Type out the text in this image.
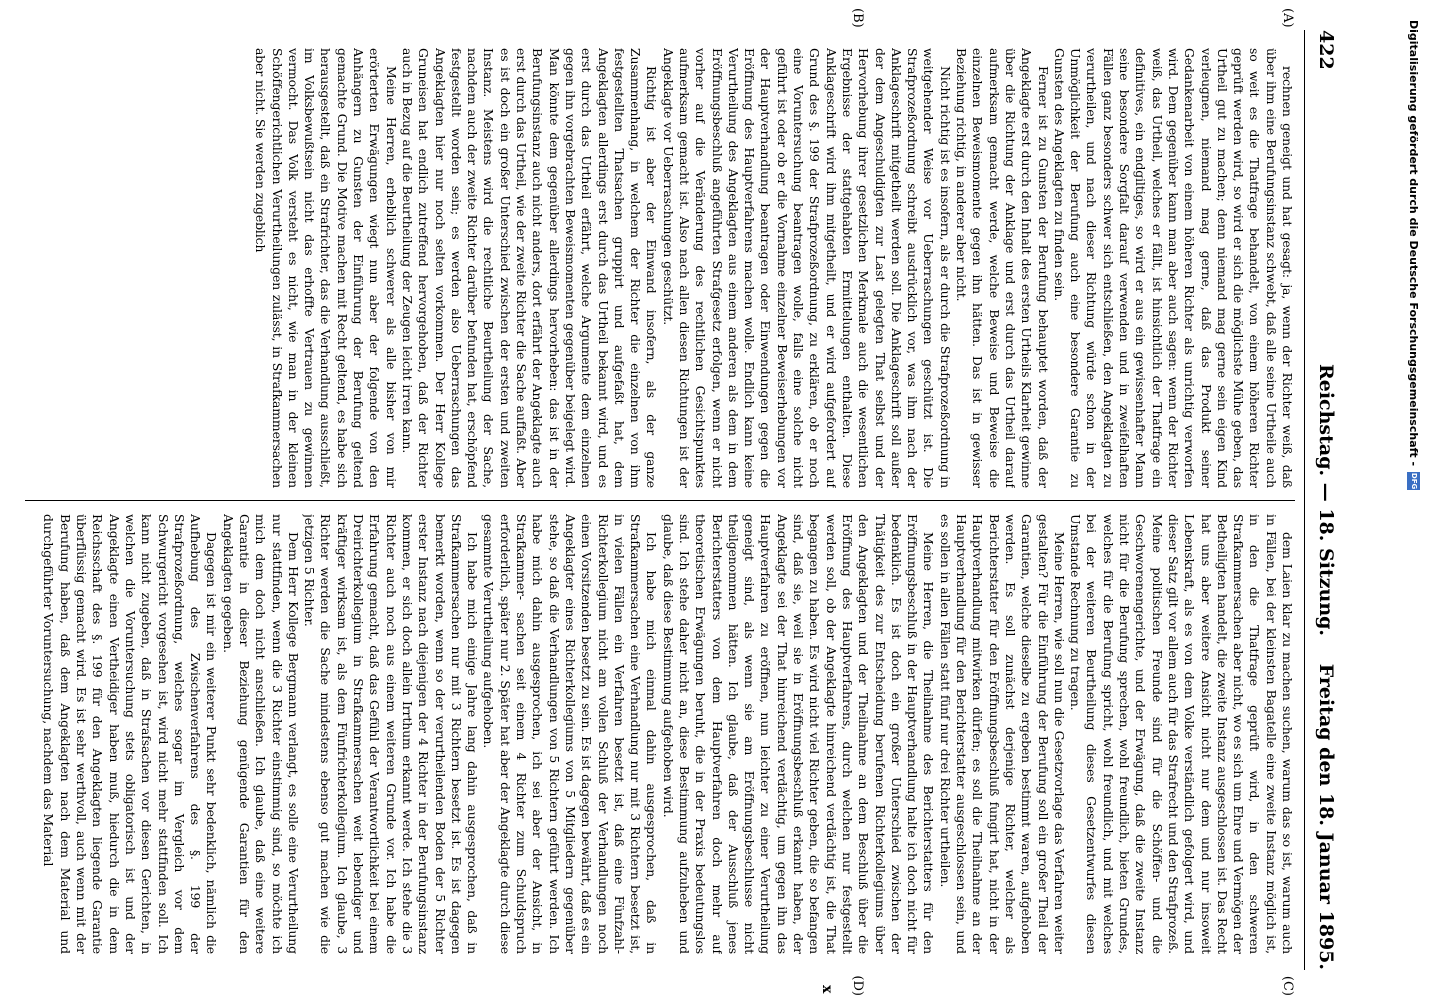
422
Reichstag. — 18. Sitzung.
Freitag den 18. Januar 1895.
(A)
(B)
(C)
(D)

rechnen geneigt und hat gesagt: ja, wenn der Richter weiß, daß über ihm eine Berufungsinstanz schwebt, daß alle seine Urtheile auch so weit es die Thatfrage behandelt, von einem höheren Richter geprüft werden wird, so wird er sich die möglichste Mühe geben, das Urtheil gut zu machen; denn niemand mag gerne sein eigen Kind verleugnen, niemand mag gerne, daß das Produkt seiner Gedankenarbeit von einem höheren Richter als unrichtig verworfen wird. Dem gegenüber kann man aber auch sagen: wenn der Richter weiß, das Urtheil, welches er fällt, ist hinsichtlich der Thatfrage ein definitives, ein endgiltiges, so wird er aus ein gewissenhafter Mann seine besondere Sorgfalt darauf verwenden und in zweifelhaften Fällen ganz besonders schwer sich entschließen, den Angeklagten zu verurtheilen, und nach dieser Richtung würde schon in der Unmöglichkeit der Berufung auch eine besondere Garantie zu Gunsten des Angeklagten zu finden sein.

Ferner ist zu Gunsten der Berufung behauptet worden, daß der Angeklagte erst durch den Inhalt des ersten Urtheils Klarheit gewinne über die Richtung der Anklage und erst durch das Urtheil darauf aufmerksam gemacht werde, welche Beweise und Beweise die einzelnen Beweismomente gegen ihn hätten. Das ist in gewisser Beziehung richtig, in anderer aber nicht.

Nicht richtig ist es insofern, als er durch die Strafprozeßordnung in weitgehender Weise vor Ueberraschungen geschützt ist. Die Strafprozeßordnung schreibt ausdrücklich vor, was ihm nach der Anklageschrift mitgetheilt werden soll. Die Anklageschrift soll außer der dem Angeschuldigten zur Last gelegten That selbst und der Hervorhebung ihrer gesetzlichen Merkmale auch die wesentlichen Ergebnisse der stattgehabten Ermittelungen enthalten. Diese Anklageschrift wird ihm mitgetheilt, und er wird aufgefordert auf Grund des §. 199 der Strafprozeßordnung, zu erklären, ob er noch eine Voruntersuchung beantragen wolle, falls eine solche nicht geführt ist oder ob er die Vornahme einzelner Beweiserhebungen vor der Hauptverhandlung beantragen oder Einwendungen gegen die Eröffnung des Hauptverfahrens machen wolle. Endlich kann keine Verurtheilung des Angeklagten aus einem anderen als dem in dem Eröffnungsbeschluß angeführten Strafgesetz erfolgen, wenn er nicht vorher auf die Veränderung des rechtlichen Gesichtspunktes aufmerksam gemacht ist. Also nach allen diesen Richtungen ist der Angeklagte vor Ueberraschungen geschützt.

Richtig ist aber der Einwand insofern, als der ganze Zusammenhang, in welchem der Richter die einzelnen von ihm festgestellten Thatsachen gruppirt und aufgefaßt hat, dem Angeklagten allerdings erst durch das Urtheil bekannt wird, und es erst durch das Urtheil erfährt, welche Argumente dem einzelnen gegen ihn vorgebrachten Beweismomenten gegenüber beigelegt wird. Man könnte dem gegenüber allerdings hervorheben: das ist in der Berufungsinstanz auch nicht anders, dort erfährt der Angeklagte auch erst durch das Urtheil, wie der zweite Richter die Sache auffaßt. Aber es ist doch ein großer Unterschied zwischen der ersten und zweiten Instanz. Meistens wird die rechtliche Beurtheilung der Sache, nachdem auch der zweite Richter darüber befunden hat, erschöpfend festgestellt worden sein; es werden also Ueberraschungen das Angeklagten hier nur noch selten vorkommen. Der Herr Kollege Gruneisen hat endlich zutreffend hervorgehoben, daß der Richter auch in Bezug auf die Beurtheilung der Zeugen leicht irren kann.

Meine Herren, erheblich schwerer als alle bisher von mir erörterten Erwägungen wiegt nun aber der folgende von den Anhängern zu Gunsten der Einführung der Berufung geltend gemachte Grund. Die Motive machen mit Recht geltend, es habe sich herausgestellt, daß ein Strafrichter, das die Verhandlung ausschließt, im Volksbewußtsein nicht das erhoffte Vertrauen zu gewinnen vermocht. Das Volk versteht es nicht, wie man in der kleinen Schöffengerichtlichen Verurtheilungen zulässt, in Strafkammersachen aber nicht. Sie werden zugeblich

dem Laien klar zu machen suchen, warum das so ist, warum auch in Fällen, bei der kleinsten Bagatelle eine zweite Instanz möglich ist, in den die Thatfrage geprüft wird, in den schweren Strafkammersachen aber nicht, wo es sich um Ehre und Vermögen der Betheiligten handelt, die zweite Instanz ausgeschlossen ist. Das Recht hat uns aber weitere Ansicht nicht nur dem und nur insoweit Lebenskraft, als es von dem Volke verständlich gefolgert wird, und dieser Satz gilt vor allem auch für das Strafrecht und den Strafprozeß. Meine politischen Freunde sind für die Schöffen- und die Geschworenengerichte, und der Erwägung, daß die zweite Instanz nicht für die Berufung sprechen, wohl freundlich, bieten Grundes, welches für die Berufung spricht, wohl freundlich, und mit welches bei der weiteren Beurtheilung dieses Gesetzentwurfes diesen Umstande Rechnung zu tragen.

Meine Herren, wie soll nun die Gesetzvorlage das Verfahren weiter gestalten? Für die Einführung der Berufung soll ein großer Theil der Garantien, welche dieselbe zu ergeben bestimmt waren, aufgehoben werden. Es soll zunächst derjenige Richter, welcher als Berichterstatter für den Eröffnungsbeschluß fungirt hat, nicht in der Hauptverhandlung mitwirken dürfen; es soll die Theilnahme an der Hauptverhandlung für den Berichterstatter ausgeschlossen sein, und es sollen in allen Fällen statt fünf nur drei Richter urtheilen.

Meine Herren, die Theilnahme des Berichterstatters für den Eröffnungsbeschluß in der Hauptverhandlung halte ich doch nicht für bedenklich. Es ist doch ein großer Unterschied zwischen der Thätigkeit des zur Entscheidung berufenen Richterkollegiums über den Angeklagten und der Theilnahme an dem Beschluß über die Eröffnung des Hauptverfahrens, durch welchen nur festgestellt werden soll, ob der Angeklagte hinreichend verdächtig ist, die That begangen zu haben. Es wird nicht viel Richter geben, die so befangen sind, daß sie, weil sie in Eröffnungsbeschluß erkannt haben, der Angeklagte sei der That hinreichend verdächtig, um gegen ihn das Hauptverfahren zu eröffnen, nun leichter zu einer Verurtheilung geneigt sind, als wenn sie am Eröffnungsbeschlusse nicht theilgenommen hätten. Ich glaube, daß der Ausschluß jenes Berichterstatters von dem Hauptverfahren doch mehr auf theoretischen Erwägungen beruht, die in der Praxis bedeutungslos sind. Ich stehe daher nicht an, diese Bestimmung aufzuheben und glaube, daß diese Bestimmung aufgehoben wird.

Ich habe mich einmal dahin ausgesprochen, daß in Strafkammersachen eine Verhandlung nur mit 3 Richtern besetzt ist, in vielen Fällen ein Verfahren besetzt ist, daß eine Fünfzahl-Richterkollegium nicht am vollen Schluß der Verhandlungen noch einen Vorsitzenden besetzt zu sein. Es ist dagegen bewährt, daß es ein Angeklagter eines Richterkollegiums von 5 Mitgliedern gegenüber stehe, so daß die Verhandlungen von 5 Richtern geführt werden. Ich habe mich dahin ausgesprochen, ich sei aber der Ansicht, in Strafkammer- sachen seit einem 4 Richter zum Schuldspruch erforderlich, später nur 2. Später hat aber der Angeklagte durch diese gesammte Verurtheilung aufgehoben.

Ich habe mich einige Jahre lang dahin ausgesprochen, daß in Strafkammersachen nur mit 3 Richtern besetzt ist. Es ist dagegen bemerkt worden, wenn so der verurtheilenden Boden der 5 Richter erster Instanz nach diejenigen der 4 Richter in der Berufungsinstanz kommen, er sich doch allein Irrthum erkannt werde. Ich stehe die 3 Richter auch noch aus einem weiteren Grunde vor. Ich habe die Erfahrung gemacht, daß das Gefühl der Verantwortlichkeit bei einem Dreirichterkollegium in Strafkammersachen weit lebendiger und kräftiger wirksam ist, als dem Fünfrichterkollegium. Ich glaube, 3 Richter werden die Sache mindestens ebenso gut machen wie die jetzigen 5 Richter.

Dem Herr Kollege Bergmann verlangt, es solle eine Verurtheilung nur stattfinden, wenn die 3 Richter einstimmig sind, so möchte ich mich dem doch nicht anschließen. Ich glaube, daß eine weitere Garantie in dieser Beziehung genügende Garantien für den Angeklagten gegeben.

Dagegen ist mir ein weiterer Punkt sehr bedenklich, nämlich die Aufhebung des Zwischenverfahrens des §. 199 der Strafprozeßordnung, welches sogar im Vergleich vor dem Schwurgericht vorgesehen ist, wird nicht mehr stattfinden soll. Ich kann nicht zugeben, daß in Strafsachen vor diesen Gerichten, in welchen die Voruntersuchung stets obligatorisch ist und der Angeklagte einen Vertheidiger haben muß, hiedurch die in dem Reichsschaft des §. 199 für den Angeklagten liegende Garantie überflüssig gemacht wird. Es ist sehr werthvoll, auch wenn mit der Berufung haben, daß dem Angeklagten nach dem Material und durchgeführter Voruntersuchung, nachdem das Material

x
Digitalisierung gefördert durch die Deutsche Forschungsgemeinschaft -
DFG
